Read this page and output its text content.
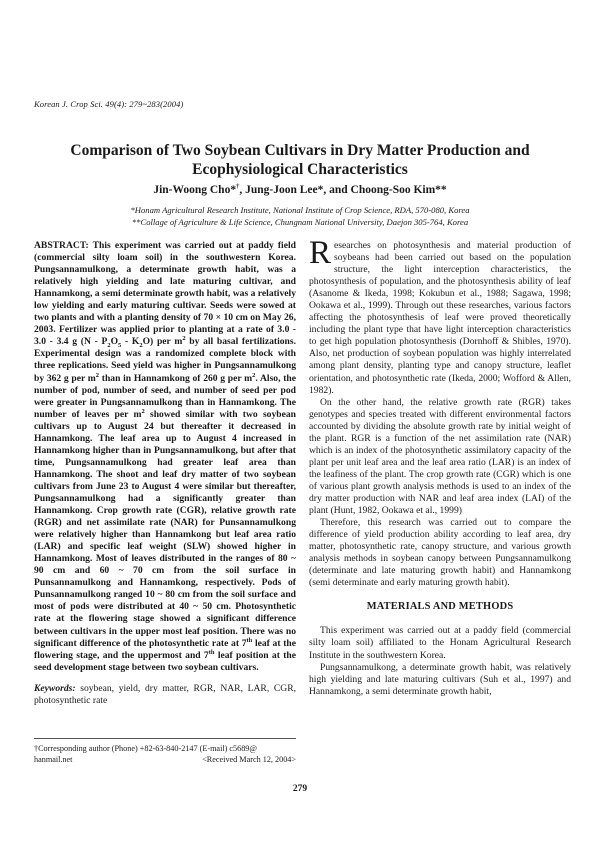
Korean J. Crop Sci. 49(4): 279~283(2004)
Comparison of Two Soybean Cultivars in Dry Matter Production and
Ecophysiological Characteristics
Jin-Woong Cho*†, Jung-Joon Lee*, and Choong-Soo Kim**
*Honam Agricultural Research Institute, National Institute of Crop Science, RDA, 570-080, Korea
**Collage of Agriculture & Life Science, Chungnam National University, Daejon 305-764, Korea

ABSTRACT: This experiment was carried out at paddy field (commercial silty loam soil) in the southwestern Korea. Pungsannamulkong, a determinate growth habit, was a relatively high yielding and late maturing cultivar, and Hannamkong, a semi determinate growth habit, was a relatively low yielding and early maturing cultivar. Seeds were sowed at two plants and with a planting density of 70 × 10 cm on May 26, 2003. Fertilizer was applied prior to planting at a rate of 3.0 - 3.0 - 3.4 g $(N - P_2O_5 - K_2O)$ per $m^2$ by all basal fertilizations. Experimental design was a randomized complete block with three replications. Seed yield was higher in Pungsannamulkong by 362 g per $m^2$ than in Hannamkong of 260 g per $m^2$. Also, the number of pod, number of seed, and number of seed per pod were greater in Pungsannamulkong than in Hannamkong. The number of leaves per $m^2$ showed similar with two soybean cultivars up to August 24 but thereafter it decreased in Hannamkong. The leaf area up to August 4 increased in Hannamkong higher than in Pungsannamulkong, but after that time, Pungsannamulkong had greater leaf area than Hannamkong. The shoot and leaf dry matter of two soybean cultivars from June 23 to August 4 were similar but thereafter, Pungsannamulkong had a significantly greater than Hannamkong. Crop growth rate (CGR), relative growth rate (RGR) and net assimilate rate (NAR) for Punsannamulkong were relatively higher than Hannamkong but leaf area ratio (LAR) and specific leaf weight (SLW) showed higher in Hannamkong. Most of leaves distributed in the ranges of 80 ~ 90 cm and 60 ~ 70 cm from the soil surface in Punsannamulkong and Hannamkong, respectively. Pods of Punsannamulkong ranged 10 ~ 80 cm from the soil surface and most of pods were distributed at 40 ~ 50 cm. Photosynthetic rate at the flowering stage showed a significant difference between cultivars in the upper most leaf position. There was no significant difference of the photosynthetic rate at 7th leaf at the flowering stage, and the uppermost and 7th leaf position at the seed development stage between two soybean cultivars.

Keywords: soybean, yield, dry matter, RGR, NAR, LAR, CGR, photosynthetic rate

†Corresponding author (Phone) +82-63-840-2147 (E-mail) c5689@
hanmail.net	<Received March 12, 2004>

Researches on photosynthesis and material production of soybeans had been carried out based on the population structure, the light interception characteristics, the photosynthesis of population, and the photosynthesis ability of leaf (Asanome & Ikeda, 1998; Kokubun et al., 1988; Sagawa, 1998; Ookawa et al., 1999). Through out these researches, various factors affecting the photosynthesis of leaf were proved theoretically including the plant type that have light interception characteristics to get high population photosynthesis (Dornhoff & Shibles, 1970). Also, net production of soybean population was highly interrelated among plant density, planting type and canopy structure, leaflet orientation, and photosynthetic rate (Ikeda, 2000; Wofford & Allen, 1982).

On the other hand, the relative growth rate (RGR) takes genotypes and species treated with different environmental factors accounted by dividing the absolute growth rate by initial weight of the plant. RGR is a function of the net assimilation rate (NAR) which is an index of the photosynthetic assimilatory capacity of the plant per unit leaf area and the leaf area ratio (LAR) is an index of the leafiness of the plant. The crop growth rate (CGR) which is one of various plant growth analysis methods is used to an index of the dry matter production with NAR and leaf area index (LAI) of the plant (Hunt, 1982, Ookawa et al., 1999)

Therefore, this research was carried out to compare the difference of yield production ability according to leaf area, dry matter, photosynthetic rate, canopy structure, and various growth analysis methods in soybean canopy between Pungsannamulkong (determinate and late maturing growth habit) and Hannamkong (semi determinate and early maturing growth habit).

MATERIALS AND METHODS

This experiment was carried out at a paddy field (commercial silty loam soil) affiliated to the Honam Agricultural Research Institute in the southwestern Korea.

Pungsannamulkong, a determinate growth habit, was relatively high yielding and late maturing cultivars (Suh et al., 1997) and Hannamkong, a semi determinate growth habit,

279
